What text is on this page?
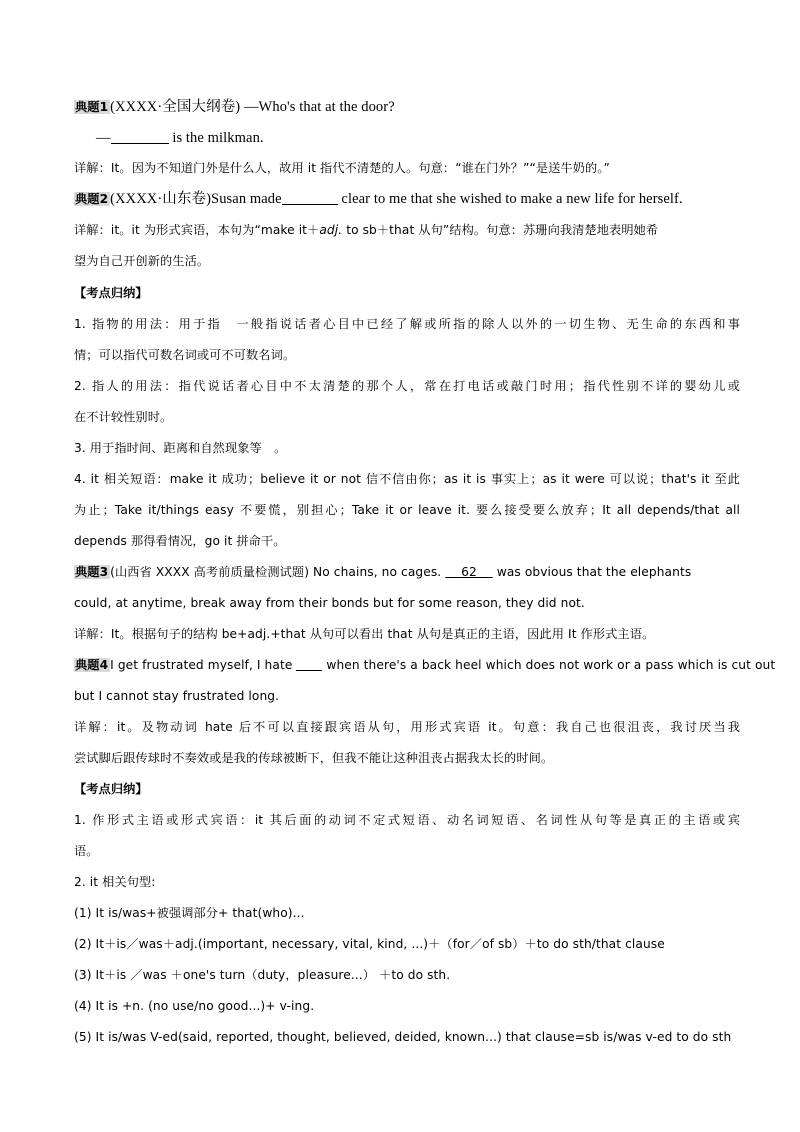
典题1 (XXXX·全国大纲卷) —Who's that at the door?
—	is the milkman.
详解：It。因为不知道门外是什么人，故用 it 指代不清楚的人。句意：“谁在门外？”“是送牛奶的。”
典题2 (XXXX·山东卷)Susan made	clear to me that she wished to make a new life for herself.
详解：it。it 为形式宾语，本句为“make it＋adj. to sb＋that 从句”结构。句意：苏珊向我清楚地表明她希
望为自己开创新的生活。
【考点归纳】
1. 指物的用法：用于指　一般指说话者心目中已经了解或所指的除人以外的一切生物、无生命的东西和事
情；可以指代可数名词或可不可数名词。
2. 指人的用法：指代说话者心目中不太清楚的那个人，常在打电话或敲门时用；指代性别不详的婴幼儿或
在不计较性别时。
3. 用于指时间、距离和自然现象等　。
4. it 相关短语：make it 成功；believe it or not 信不信由你；as it is 事实上；as it were 可以说；that's it 至此
为止；Take it/things easy 不要慌，别担心；Take it or leave it. 要么接受要么放弃；It all depends/that all
depends 那得看情况，go it 拼命干。
典题3 (山西省 XXXX 高考前质量检测试题) No chains, no cages.     62     was obvious that the elephants
could, at anytime, break away from their bonds but for some reason, they did not.
详解：It。根据句子的结构 be+adj.+that 从句可以看出 that 从句是真正的主语，因此用 It 作形式主语。
典题4 I get frustrated myself, I hate  when there's a back heel which does not work or a pass which is cut out
but I cannot stay frustrated long.
详解：it。及物动词 hate 后不可以直接跟宾语从句，用形式宾语 it。句意：我自己也很沮丧，我讨厌当我
尝试脚后跟传球时不奏效或是我的传球被断下，但我不能让这种沮丧占据我太长的时间。
【考点归纳】
1. 作形式主语或形式宾语：it 其后面的动词不定式短语、动名词短语、名词性从句等是真正的主语或宾
语。
2. it 相关句型:
(1) It is/was+被强调部分+ that(who)...
(2) It＋is／was＋adj.(important, necessary, vital, kind, ...)＋（for／of sb）＋to do sth/that clause
(3) It＋is ／was ＋one's turn（duty，pleasure...） ＋to do sth.
(4) It is +n. (no use/no good...)+ v-ing.
(5) It is/was V-ed(said, reported, thought, believed, deided, known...) that clause=sb is/was v-ed to do sth
